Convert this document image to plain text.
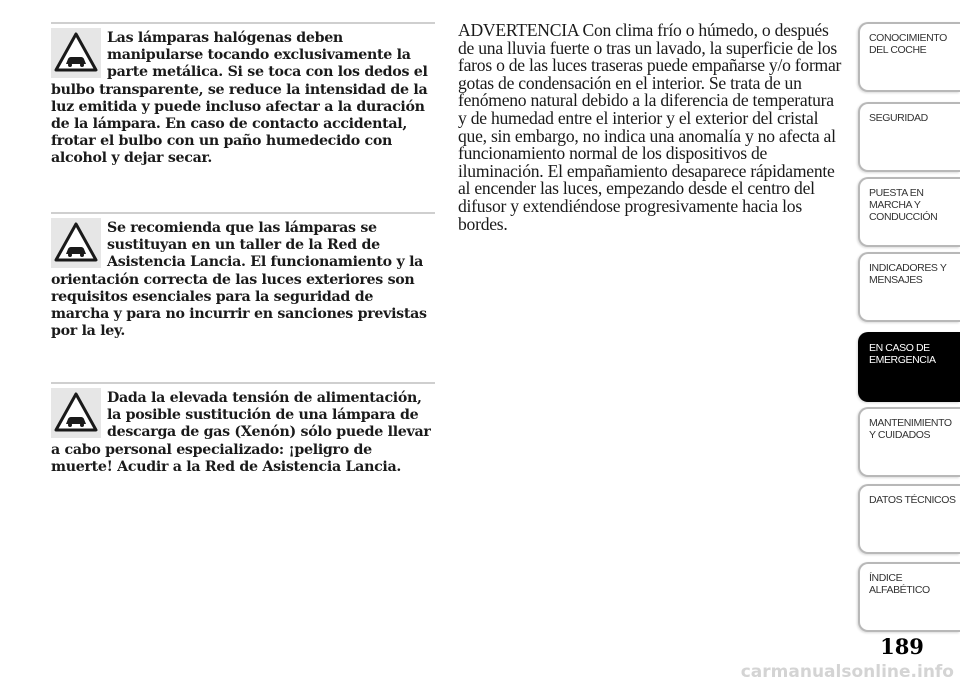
Las lámparas halógenas deben manipularse tocando exclusivamente la parte metálica. Si se toca con los dedos el bulbo transparente, se reduce la intensidad de la luz emitida y puede incluso afectar a la duración de la lámpara. En caso de contacto accidental, frotar el bulbo con un paño humedecido con alcohol y dejar secar.
Se recomienda que las lámparas se sustituyan en un taller de la Red de Asistencia Lancia. El funcionamiento y la orientación correcta de las luces exteriores son requisitos esenciales para la seguridad de marcha y para no incurrir en sanciones previstas por la ley.
Dada la elevada tensión de alimentación, la posible sustitución de una lámpara de descarga de gas (Xenón) sólo puede llevar a cabo personal especializado: ¡peligro de muerte! Acudir a la Red de Asistencia Lancia.
ADVERTENCIA Con clima frío o húmedo, o después de una lluvia fuerte o tras un lavado, la superficie de los faros o de las luces traseras puede empañarse y/o formar gotas de condensación en el interior. Se trata de un fenómeno natural debido a la diferencia de temperatura y de humedad entre el interior y el exterior del cristal que, sin embargo, no indica una anomalía y no afecta al funcionamiento normal de los dispositivos de iluminación. El empañamiento desaparece rápidamente al encender las luces, empezando desde el centro del difusor y extendiéndose progresivamente hacia los bordes.
CONOCIMIENTO DEL COCHE
SEGURIDAD
PUESTA EN MARCHA Y CONDUCCIÓN
INDICADORES Y MENSAJES
EN CASO DE EMERGENCIA
MANTENIMIENTO Y CUIDADOS
DATOS TÉCNICOS
ÍNDICE ALFABÉTICO
189
carmanualsonline.info
